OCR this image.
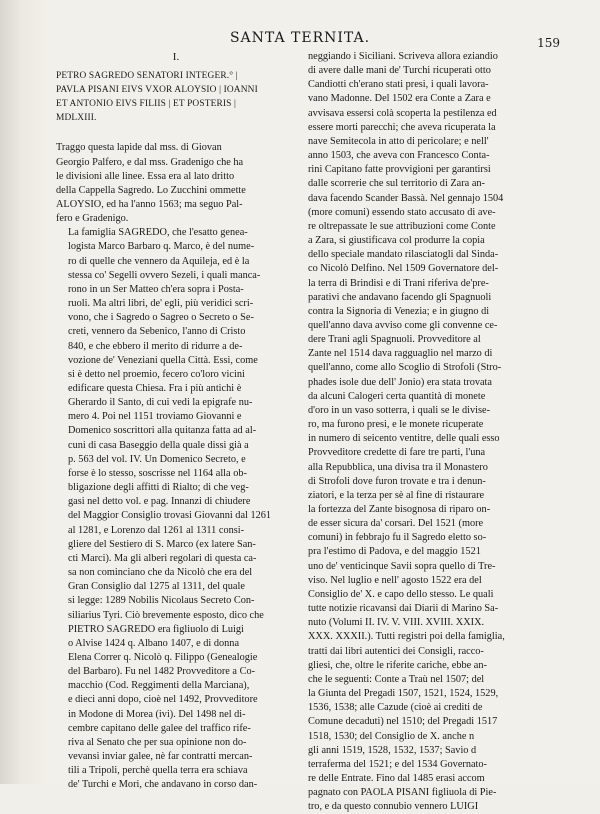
SANTA TERNITA.	159
I.
PETRO SAGREDO SENATORI INTEGER.° |
PAVLA PISANI EIVS VXOR ALOYSIO | IOANNI
ET ANTONIO EIVS FILIIS | ET POSTERIS |
MDLXIII.

Traggo questa lapide dal mss. di Giovan
Georgio Palfero, e dal mss. Gradenigo che ha
le divisioni alle linee. Essa era al lato dritto
della Cappella Sagredo. Lo Zucchini ommette
ALOYSIO, ed ha l'anno 1563; ma seguo Pal-
fero e Gradenigo.

La famiglia SAGREDO, che l'esatto genea-
logista Marco Barbaro q. Marco, è del nume-
ro di quelle che vennero da Aquileja, ed è la
stessa co' Segelli ovvero Sezeli, i quali manca-
rono in un Ser Matteo ch'era sopra i Posta-
ruoli. Ma altri libri, de' egli, più veridici scri-
vono, che i Sagredo o Sagreo o Secreto o Se-
creti, vennero da Sebenico, l'anno di Cristo
840, e che ebbero il merito di ridurre a de-
vozione de' Veneziani quella Città. Essi, come
si è detto nel proemio, fecero co'loro vicini
edificare questa Chiesa. Fra i più antichi è
Gherardo il Santo, di cui vedi la epigrafe nu-
mero 4. Poi nel 1151 troviamo Giovanni e
Domenico soscrittori alla quitanza fatta ad al-
cuni di casa Baseggio della quale dissi già a
p. 563 del vol. IV. Un Domenico Secreto, e
forse è lo stesso, soscrisse nel 1164 alla ob-
bligazione degli affitti di Rialto; di che veg-
gasi nel detto vol. e pag. Innanzi di chiudere
del Maggior Consiglio trovasi Giovanni dal 1261
al 1281, e Lorenzo dal 1261 al 1311 consi-
gliere del Sestiero di S. Marco (ex latere San-
cti Marci). Ma gli alberi regolari di questa ca-
sa non cominciano che da Nicolò che era del
Gran Consiglio dal 1275 al 1311, del quale
si legge: 1289 Nobilis Nicolaus Secreto Con-
siliarius Tyri. Ciò brevemente esposto, dico che

PIETRO SAGREDO era figliuolo di Luigi
o Alvise 1424 q. Albano 1407, e di donna
Elena Correr q. Nicolò q. Filippo (Genealogie
del Barbaro). Fu nel 1482 Provveditore a Co-
macchio (Cod. Reggimenti della Marciana),
e dieci anni dopo, cioè nel 1492, Provveditore
in Modone di Morea (ivi). Del 1498 nel di-
cembre capitano delle galee del traffico rife-
riva al Senato che per sua opinione non do-
vevansi inviar galee, nè far contratti mercan-
tili a Tripoli, perchè quella terra era schiava
de' Turchi e Mori, che andavano in corso dan-

neggiando i Siciliani. Scriveva allora eziandio
di avere dalle mani de' Turchi ricuperati otto
Candiotti ch'erano stati presi, i quali lavora-
vano Madonne. Del 1502 era Conte a Zara e
avvisava essersi colà scoperta la pestilenza ed
essere morti parecchi; che aveva ricuperata la
nave Semitecola in atto di pericolare; e nell'
anno 1503, che aveva con Francesco Conta-
rini Capitano fatte provvigioni per garantirsi
dalle scorrerie che sul territorio di Zara an-
dava facendo Scander Bassà. Nel gennajo 1504
(more comuni) essendo stato accusato di ave-
re oltrepassate le sue attribuzioni come Conte
a Zara, si giustificava col produrre la copia
dello speciale mandato rilasciatogli dal Sinda-
co Nicolò Delfino. Nel 1509 Governatore del-
la terra di Brindisi e di Trani riferiva de'pre-
parativi che andavano facendo gli Spagnuoli
contra la Signoria di Venezia; e in giugno di
quell'anno dava avviso come gli convenne ce-
dere Trani agli Spagnuoli. Provveditore al
Zante nel 1514 dava ragguaglio nel marzo di
quell'anno, come allo Scoglio di Strofoli (Stro-
phades isole due dell' Jonio) era stata trovata
da alcuni Calogeri certa quantità di monete
d'oro in un vaso sotterra, i quali se le divise-
ro, ma furono presi, e le monete ricuperate
in numero di seicento ventitre, delle quali esso
Provveditore credette di fare tre parti, l'una
alla Repubblica, una divisa tra il Monastero
di Strofoli dove furon trovate e tra i denun-
ziatori, e la terza per sè al fine di ristaurare
la fortezza del Zante bisognosa di riparo on-
de esser sicura da' corsari. Del 1521 (more
comuni) in febbrajo fu il Sagredo eletto so-
pra l'estimo di Padova, e del maggio 1521
uno de' venticinque Savii sopra quello di Tre-
viso. Nel luglio e nell' agosto 1522 era del
Consiglio de' X. e capo dello stesso. Le quali
tutte notizie ricavansi dai Diarii di Marino Sa-
nuto (Volumi II. IV. V. VIII. XVIII. XXIX.
XXX. XXXII.). Tutti registri poi della famiglia,
tratti dai libri autentici dei Consigli, racco-
gliesi, che, oltre le riferite cariche, ebbe an-
che le seguenti: Conte a Traù nel 1507; del
la Giunta del Pregadi 1507, 1521, 1524, 1529,
1536, 1538; alle Cazude (cioè ai crediti de
Comune decaduti) nel 1510; del Pregadi 1517
1518, 1530; del Consiglio de X. anche n
gli anni 1519, 1528, 1532, 1537; Savio d
terraferma del 1521; e del 1534 Governato-
re delle Entrate. Fino dal 1485 erasi accom
pagnato con PAOLA PISANI figliuola di Pie-
tro, e da questo connubio vennero LUIGI
